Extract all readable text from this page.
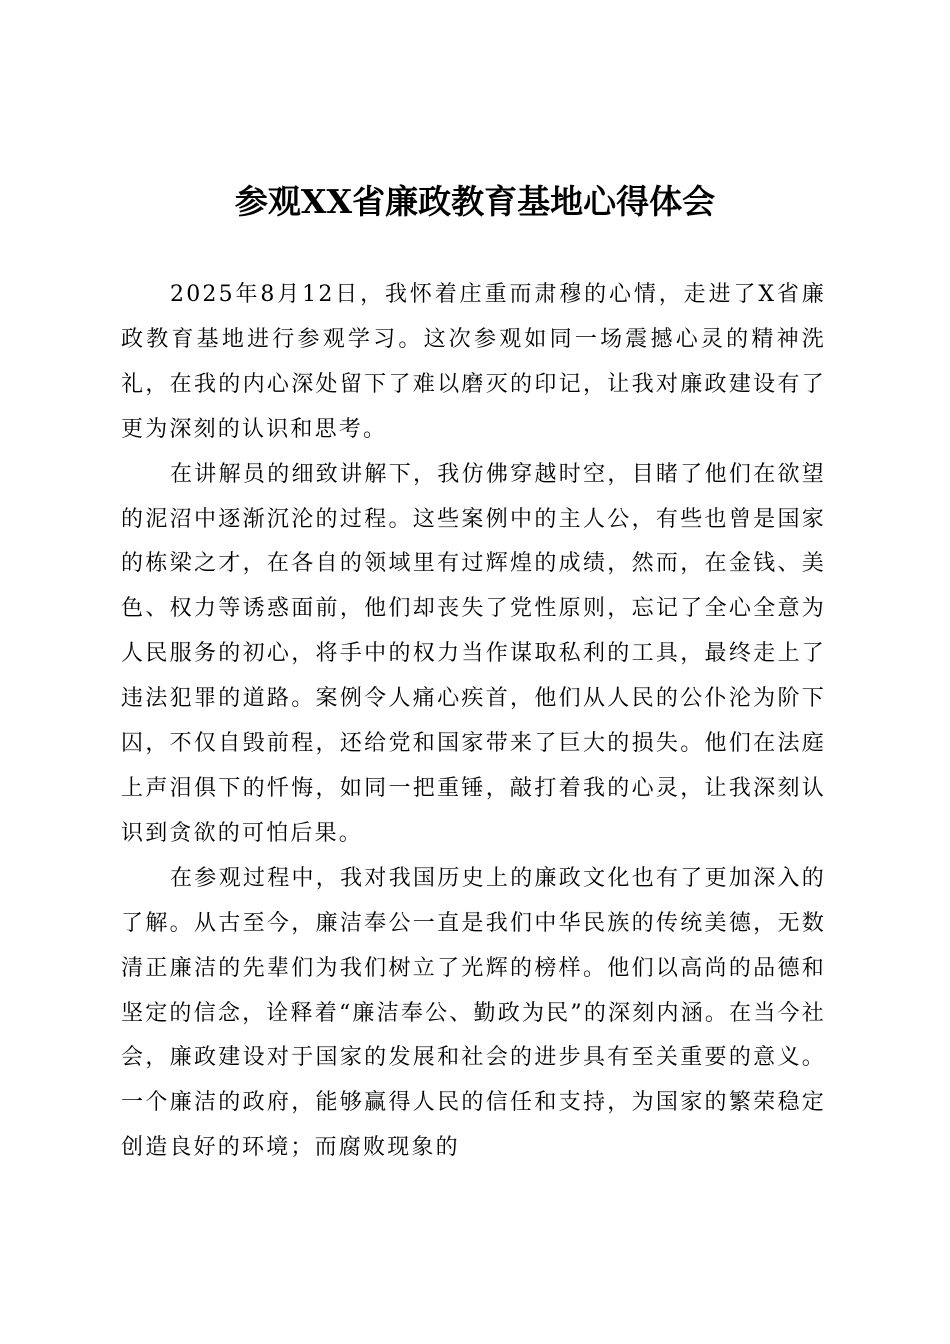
参观XX省廉政教育基地心得体会

2025年8月12日，我怀着庄重而肃穆的心情，走进了X省廉政教育基地进行参观学习。这次参观如同一场震撼心灵的精神洗礼，在我的内心深处留下了难以磨灭的印记，让我对廉政建设有了更为深刻的认识和思考。

在讲解员的细致讲解下，我仿佛穿越时空，目睹了他们在欲望的泥沼中逐渐沉沦的过程。这些案例中的主人公，有些也曾是国家的栋梁之才，在各自的领域里有过辉煌的成绩，然而，在金钱、美色、权力等诱惑面前，他们却丧失了党性原则，忘记了全心全意为人民服务的初心，将手中的权力当作谋取私利的工具，最终走上了违法犯罪的道路。案例令人痛心疾首，他们从人民的公仆沦为阶下囚，不仅自毁前程，还给党和国家带来了巨大的损失。他们在法庭上声泪俱下的忏悔，如同一把重锤，敲打着我的心灵，让我深刻认识到贪欲的可怕后果。

在参观过程中，我对我国历史上的廉政文化也有了更加深入的了解。从古至今，廉洁奉公一直是我们中华民族的传统美德，无数清正廉洁的先辈们为我们树立了光辉的榜样。他们以高尚的品德和坚定的信念，诠释着“廉洁奉公、勤政为民”的深刻内涵。在当今社会，廉政建设对于国家的发展和社会的进步具有至关重要的意义。一个廉洁的政府，能够赢得人民的信任和支持，为国家的繁荣稳定创造良好的环境；而腐败现象的
